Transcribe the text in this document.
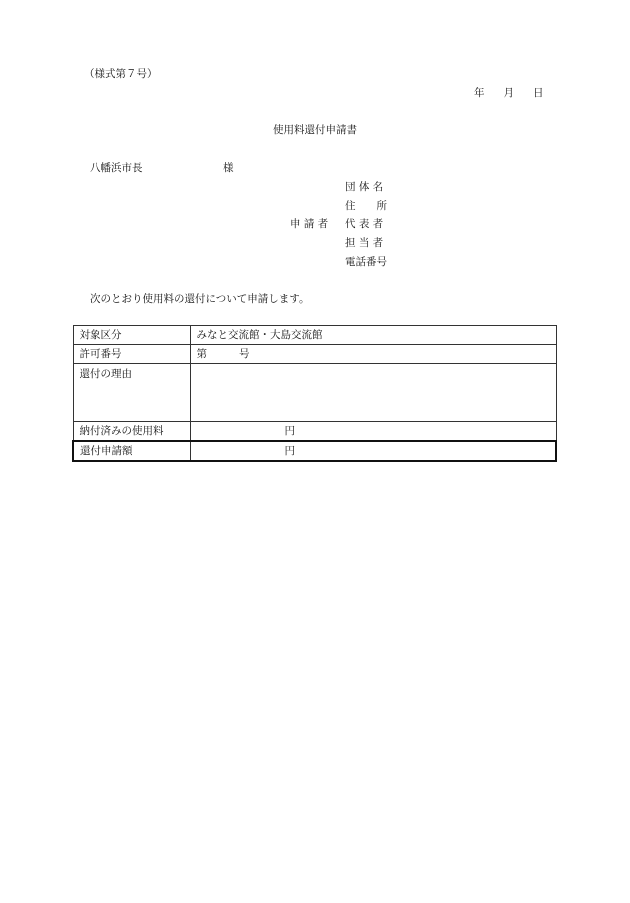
（様式第７号）
年 月 日
使用料還付申請書
八幡浜市長	様
申 請 者
団 体 名
住　　所
代 表 者
担 当 者
電話番号
次のとおり使用料の還付について申請します。
対象区分	みなと交流館・大島交流館
許可番号	第 号
還付の理由	
納付済みの使用料	円
還付申請額	円
